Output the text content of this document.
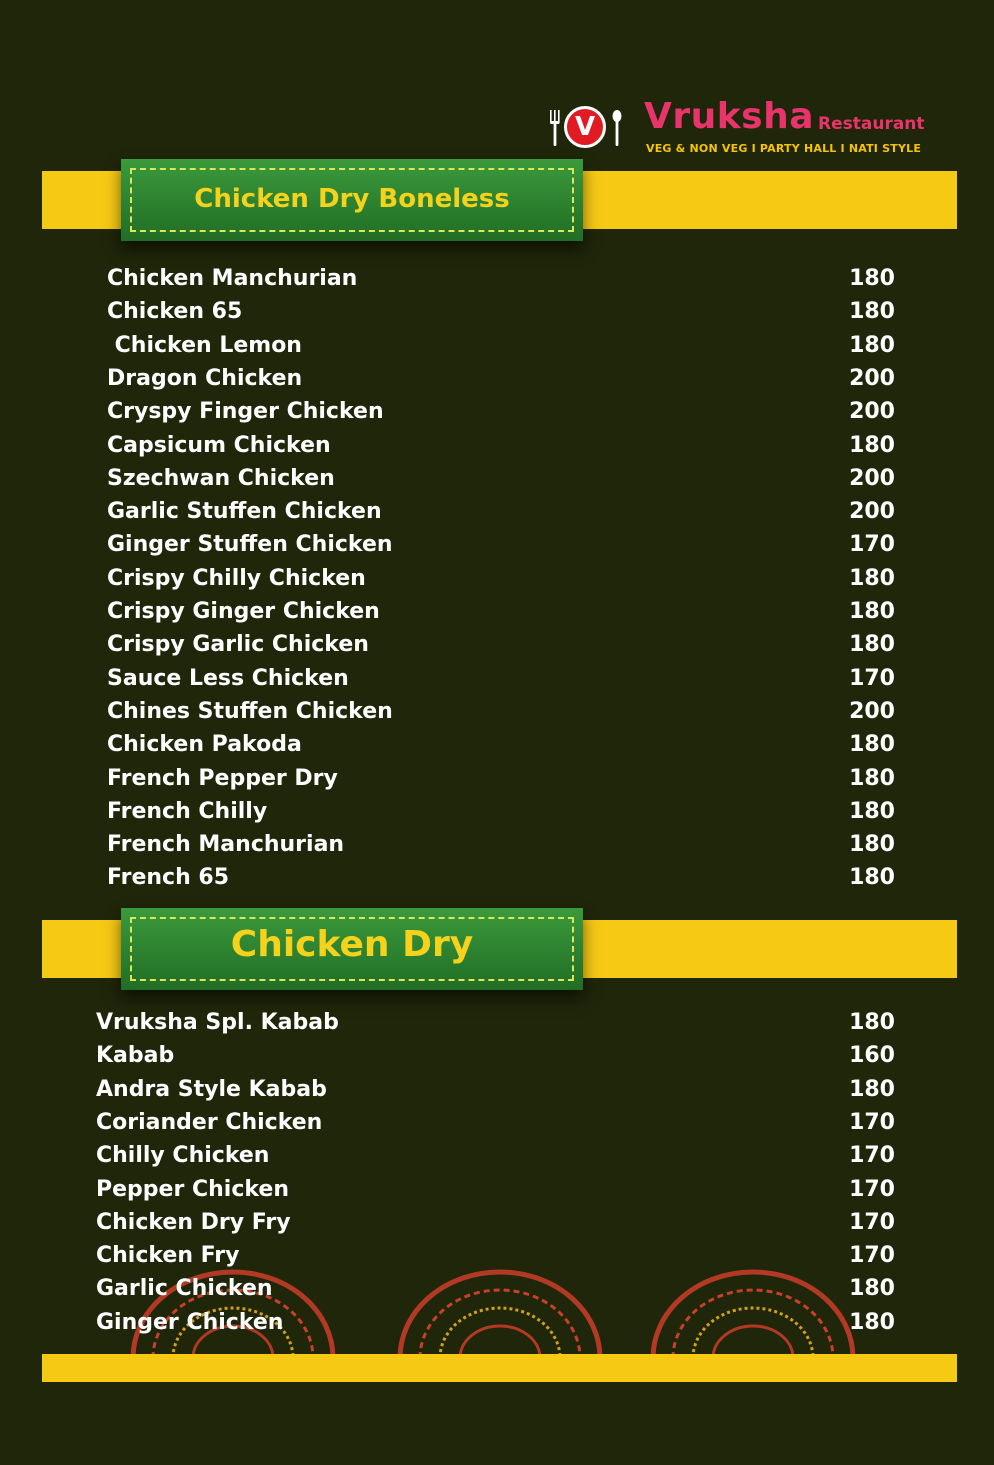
V	Vruksha Restaurant
VEG & NON VEG I PARTY HALL I NATI STYLE
Chicken Dry Boneless
Chicken Manchurian	180
Chicken 65	180
Chicken Lemon	180
Dragon Chicken	200
Cryspy Finger Chicken	200
Capsicum Chicken	180
Szechwan Chicken	200
Garlic Stuffen Chicken	200
Ginger Stuffen Chicken	170
Crispy Chilly Chicken	180
Crispy Ginger Chicken	180
Crispy Garlic Chicken	180
Sauce Less Chicken	170
Chines Stuffen Chicken	200
Chicken Pakoda	180
French Pepper Dry	180
French Chilly	180
French Manchurian	180
French 65	180
Chicken Dry
Vruksha Spl. Kabab	180
Kabab	160
Andra Style Kabab	180
Coriander Chicken	170
Chilly Chicken	170
Pepper Chicken	170
Chicken Dry Fry	170
Chicken Fry	170
Garlic Chicken	180
Ginger Chicken	180
